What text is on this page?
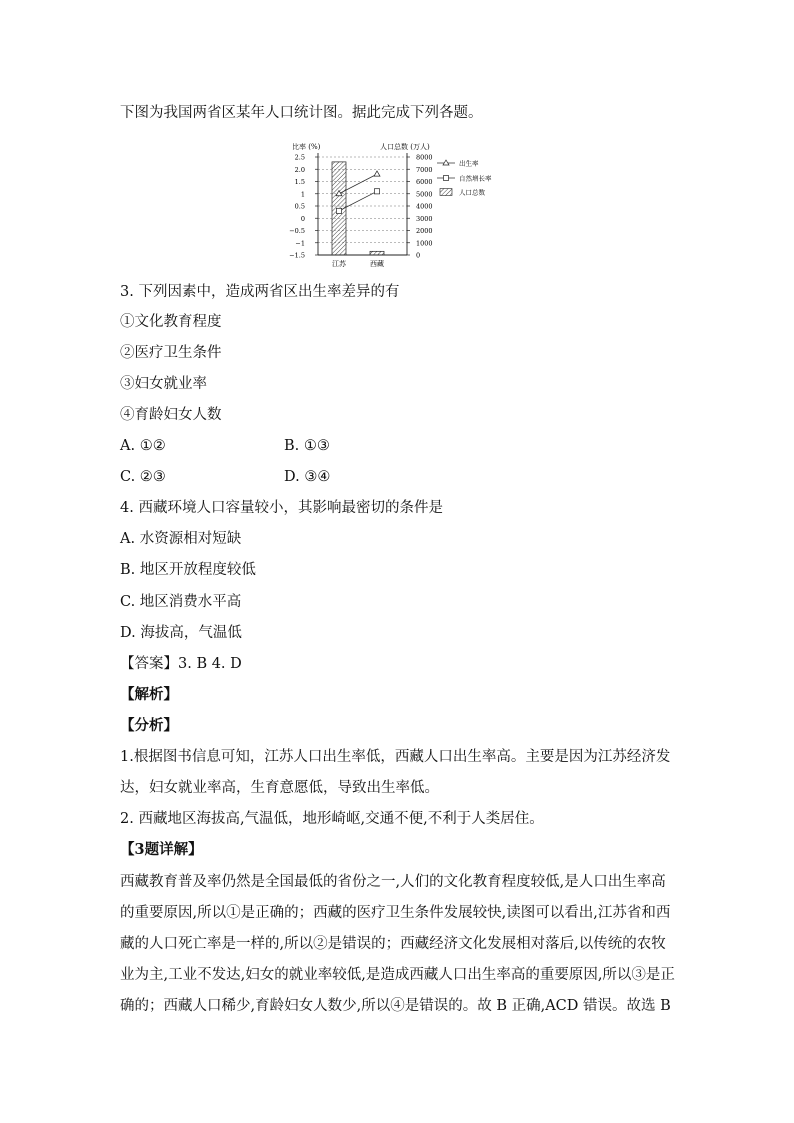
下图为我国两省区某年人口统计图。据此完成下列各题。
比率 (%)	人口总数 (万人)
2.5	8000
2.0	7000
1.5	6000
1	5000
0.5	4000
0	3000
−0.5	2000
−1	1000
−1.5	0
江苏	西藏
出生率
自然增长率
人口总数
3. 下列因素中，造成两省区出生率差异的有
①文化教育程度
②医疗卫生条件
③妇女就业率
④育龄妇女人数
A. ①②	B. ①③
C. ②③	D. ③④
4. 西藏环境人口容量较小，其影响最密切的条件是
A. 水资源相对短缺
B. 地区开放程度较低
C. 地区消费水平高
D. 海拔高，气温低
【答案】3. B 4. D
【解析】
【分析】
1.根据图书信息可知，江苏人口出生率低，西藏人口出生率高。主要是因为江苏经济发达，妇女就业率高，生育意愿低，导致出生率低。
2. 西藏地区海拔高,气温低，地形崎岖,交通不便,不利于人类居住。
【3题详解】
西藏教育普及率仍然是全国最低的省份之一,人们的文化教育程度较低,是人口出生率高的重要原因,所以①是正确的；西藏的医疗卫生条件发展较快,读图可以看出,江苏省和西藏的人口死亡率是一样的,所以②是错误的；西藏经济文化发展相对落后,以传统的农牧业为主,工业不发达,妇女的就业率较低,是造成西藏人口出生率高的重要原因,所以③是正确的；西藏人口稀少,育龄妇女人数少,所以④是错误的。故 B 正确,ACD 错误。故选 B
